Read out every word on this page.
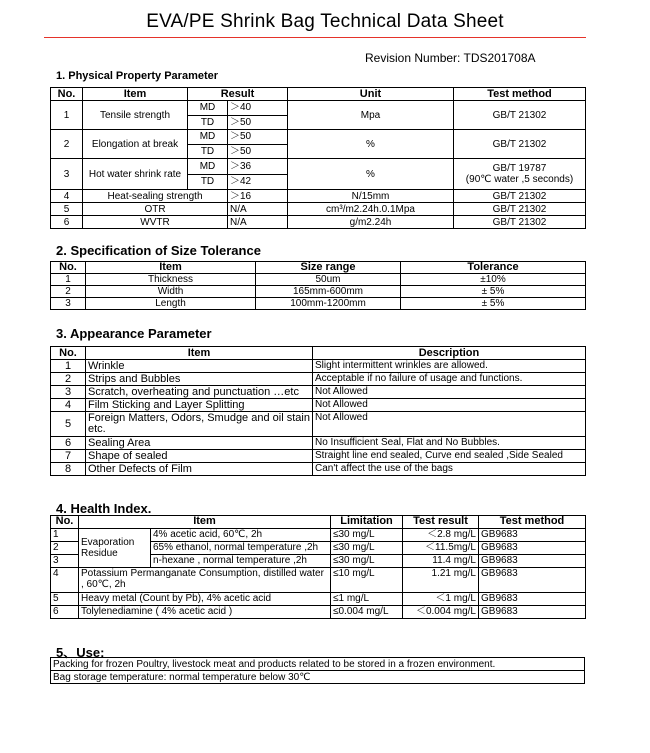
EVA/PE Shrink Bag Technical Data Sheet
Revision Number: TDS201708A
1. Physical Property Parameter
No.	Item	Result		Unit	Test method
1	Tensile strength	MD	＞40	Mpa	GB/T 21302
		TD	＞50		
2	Elongation at break	MD	＞50	%	GB/T 21302
		TD	＞50		
3	Hot water shrink rate	MD	＞36	%	GB/T 19787
(90℃ water ,5 seconds)

		TD	＞42		
4	Heat-sealing strength		＞16	N/15mm	GB/T 21302
5	OTR		N/A	cm³/m2.24h.0.1Mpa	GB/T 21302
6	WVTR		N/A	g/m2.24h	GB/T 21302
2. Specification of Size Tolerance
No.	Item	Size range	Tolerance
1	Thickness	50um	±10%
2	Width	165mm-600mm	± 5%
3	Length	100mm-1200mm	± 5%
3. Appearance Parameter
No.	Item	Description
1	Wrinkle	Slight intermittent wrinkles are allowed.
2	Strips and Bubbles	Acceptable if no failure of usage and functions.
3	Scratch, overheating and punctuation …etc	Not Allowed
4	Film Sticking and Layer Splitting	Not Allowed
5	Foreign Matters, Odors, Smudge and oil stain etc.	Not Allowed
6	Sealing Area	No Insufficient Seal, Flat and No Bubbles.
7	Shape of sealed	Straight line end sealed, Curve end sealed ,Side Sealed
8	Other Defects of Film	Can't affect the use of the bags
4. Health Index.
No.	Item		Limitation	Test result	Test method
1	Evaporation Residue	4% acetic acid, 60℃, 2h	≤30 mg/L	＜2.8 mg/L	GB9683
2		65% ethanol, normal temperature ,2h	≤30 mg/L	＜11.5mg/L	GB9683
3		n-hexane , normal temperature ,2h	≤30 mg/L	11.4 mg/L	GB9683
4	Potassium Permanganate Consumption, distilled water , 60℃, 2h		≤10 mg/L	1.21 mg/L	GB9683
5	Heavy metal (Count by Pb), 4% acetic acid		≤1 mg/L	＜1 mg/L	GB9683
6	Tolylenediamine ( 4% acetic acid )		≤0.004 mg/L	＜0.004 mg/L	GB9683
5、Use:
Packing for frozen Poultry, livestock meat and products related to be stored in a frozen environment.
Bag storage temperature: normal temperature below 30℃
